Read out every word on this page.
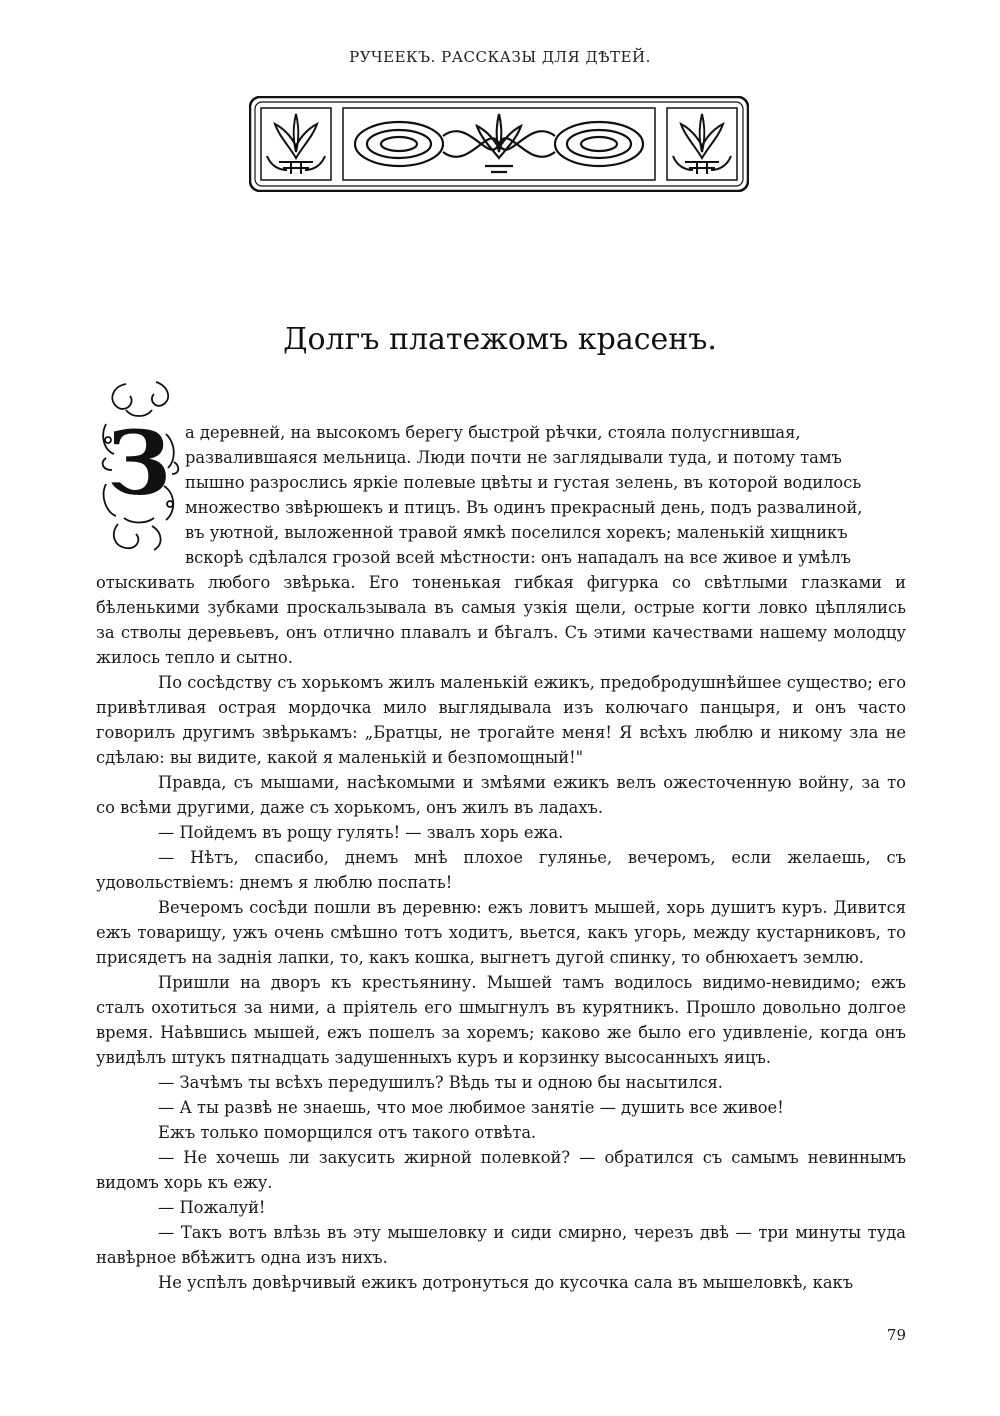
РУЧЕЕКЪ. РАССКАЗЫ ДЛЯ ДѢТЕЙ.
Долгъ платежомъ красенъ.
З а деревней, на высокомъ берегу быстрой рѣчки, стояла полусгнившая,
развалившаяся мельница. Люди почти не заглядывали туда, и потому тамъ
пышно разрослись яркіе полевые цвѣты и густая зелень, въ которой водилось
множество звѣрюшекъ и птицъ. Въ одинъ прекрасный день, подъ развалиной,
въ уютной, выложенной травой ямкѣ поселился хорекъ; маленькій хищникъ
вскорѣ сдѣлался грозой всей мѣстности: онъ нападалъ на все живое и умѣлъ
отыскивать любого звѣрька. Его тоненькая гибкая фигурка со свѣтлыми глазками и бѣленькими зубками проскальзывала въ самыя узкія щели, острые когти ловко цѣплялись за стволы деревьевъ, онъ отлично плавалъ и бѣгалъ. Съ этими качествами нашему молодцу жилось тепло и сытно.

По сосѣдству съ хорькомъ жилъ маленькій ежикъ, предобродушнѣйшее существо; его привѣтливая острая мордочка мило выглядывала изъ колючаго панцыря, и онъ часто говорилъ другимъ звѣрькамъ: „Братцы, не трогайте меня! Я всѣхъ люблю и никому зла не сдѣлаю: вы видите, какой я маленькій и безпомощный!"

Правда, съ мышами, насѣкомыми и змѣями ежикъ велъ ожесточенную войну, за то со всѣми другими, даже съ хорькомъ, онъ жилъ въ ладахъ.

— Пойдемъ въ рощу гулять! — звалъ хорь ежа.

— Нѣтъ, спасибо, днемъ мнѣ плохое гулянье, вечеромъ, если желаешь, съ удовольствіемъ: днемъ я люблю поспать!

Вечеромъ сосѣди пошли въ деревню: ежъ ловитъ мышей, хорь душитъ куръ. Дивится ежъ товарищу, ужъ очень смѣшно тотъ ходитъ, вьется, какъ угорь, между кустарниковъ, то присядетъ на заднія лапки, то, какъ кошка, выгнетъ дугой спинку, то обнюхаетъ землю.

Пришли на дворъ къ крестьянину. Мышей тамъ водилось видимо-невидимо; ежъ сталъ охотиться за ними, а пріятель его шмыгнулъ въ курятникъ. Прошло довольно долгое время. Наѣвшись мышей, ежъ пошелъ за хоремъ; каково же было его удивленіе, когда онъ увидѣлъ штукъ пятнадцать задушенныхъ куръ и корзинку высосанныхъ яицъ.

— Зачѣмъ ты всѣхъ передушилъ? Вѣдь ты и одною бы насытился.

— А ты развѣ не знаешь, что мое любимое занятіе — душить все живое!

Ежъ только поморщился отъ такого отвѣта.

— Не хочешь ли закусить жирной полевкой? — обратился съ самымъ невиннымъ видомъ хорь къ ежу.

— Пожалуй!

— Такъ вотъ влѣзь въ эту мышеловку и сиди смирно, черезъ двѣ — три минуты туда навѣрное вбѣжитъ одна изъ нихъ.

Не успѣлъ довѣрчивый ежикъ дотронуться до кусочка сала въ мышеловкѣ, какъ

79
